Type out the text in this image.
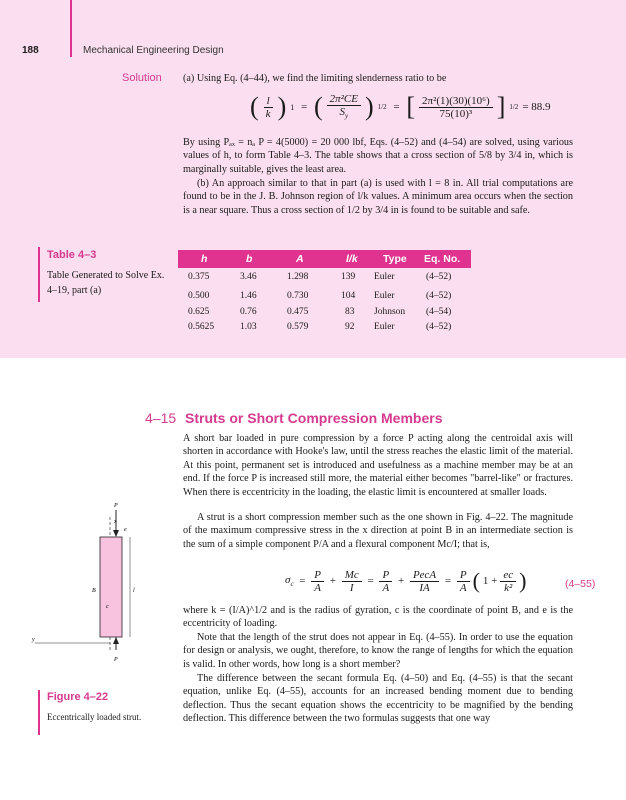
188	Mechanical Engineering Design
Solution (a) Using Eq. (4–44), we find the limiting slenderness ratio to be
( $\frac{l}{k}$ ) 1 = ( $\frac{\text{2π²CE}}{S_y}$ ) 1/2 = [ $\frac{\text{2π²(1)(30)(10⁶)}}{\text{75(10)³}}$ ] 1/2 = 88.9
By using Pₐₓ = nₐ P = 4(5000) = 20 000 lbf, Eqs. (4–52) and (4–54) are solved, using various values of h, to form Table 4–3. The table shows that a cross section of 5/8 by 3/4 in, which is marginally suitable, gives the least area.
(b) An approach similar to that in part (a) is used with l = 8 in. All trial computations are found to be in the J. B. Johnson region of l/k values. A minimum area occurs when the section is a near square. Thus a cross section of 1/2 by 3/4 in is found to be suitable and safe.
Table 4–3
Table Generated to Solve Ex. 4–19, part (a)
h	b	A	l/k Type Eq. No.
0.375	3.46	1.298	139 Euler	(4–52)
0.500	1.46	0.730	104 Euler	(4–52)
0.625	0.76	0.475	83 Johnson (4–54)
0.5625	1.03	0.579	92 Euler	(4–52)
4–15 Struts or Short Compression Members
A short bar loaded in pure compression by a force P acting along the centroidal axis will shorten in accordance with Hooke's law, until the stress reaches the elastic limit of the material. At this point, permanent set is introduced and usefulness as a machine member may be at an end. If the force P is increased still more, the material either becomes "barrel-like" or fractures. When there is eccentricity in the loading, the elastic limit is encountered at smaller loads.
A strut is a short compression member such as the one shown in Fig. 4–22. The magnitude of the maximum compressive stress in the x direction at point B in an intermediate section is the sum of a simple component P/A and a flexural component Mc/I; that is,
$\sigma_c = \frac{P}{A} + \frac{Mc}{I} = \frac{P}{A} + \frac{\text{PecA}}{IA} = \frac{P}{A}$ ( $1 + \frac{ec}{\text{k²}}$ )	(4–55)
where k = (I/A)^1/2 and is the radius of gyration, c is the coordinate of point B, and e is the eccentricity of loading.
Note that the length of the strut does not appear in Eq. (4–55). In order to use the equation for design or analysis, we ought, therefore, to know the range of lengths for which the equation is valid. In other words, how long is a short member?
The difference between the secant formula Eq. (4–50) and Eq. (4–55) is that the secant equation, unlike Eq. (4–55), accounts for an increased bending moment due to bending deflection. Thus the secant equation shows the eccentricity to be magnified by the bending deflection. This difference between the two formulas suggests that one way
P
x
e
B	l
c
y
P
Figure 4–22
Eccentrically loaded strut.
